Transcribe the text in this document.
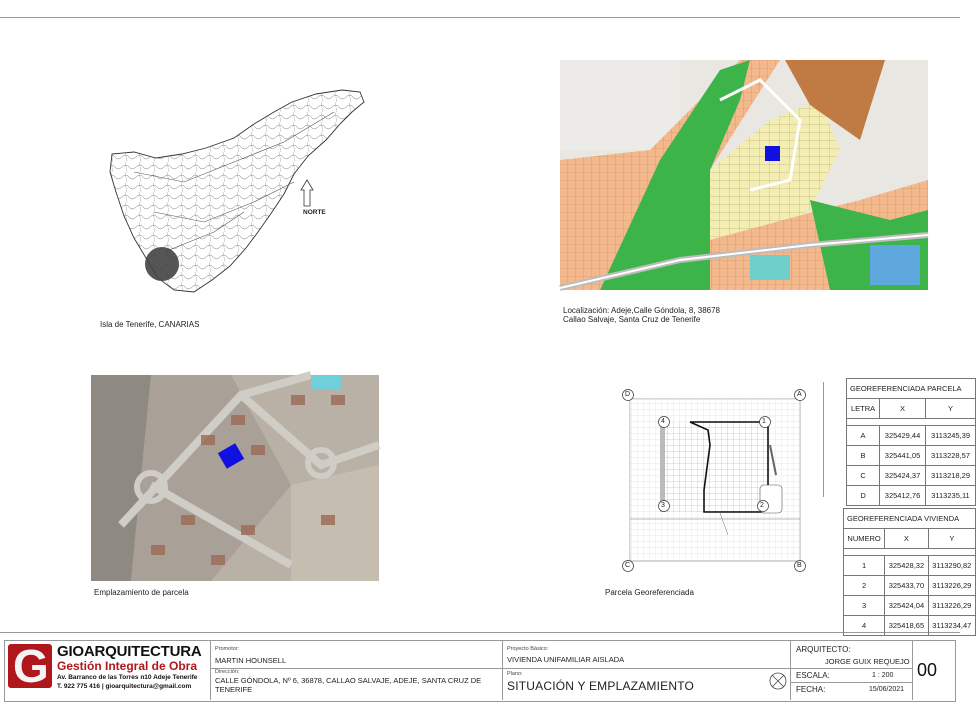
NORTE
Isla de Tenerife, CANARIAS
Localización: Adeje,Calle Góndola, 8, 38678
Callao Salvaje, Santa Cruz de Tenerife
Emplazamiento de parcela
D	A
C	B
4	1
3	2
Parcela Georeferenciada
GEOREFERENCIADA PARCELA		
LETRA	X	Y

A	325429,44	3113245,39
B	325441,05	3113228,57
C	325424,37	3113218,29
D	325412,76	3113235,11
GEOREFERENCIADA VIVIENDA		
NUMERO	X	Y

1	325428,32	3113290,82
2	325433,70	3113226,29
3	325424,04	3113226,29
4	325418,65	3113234,47
G GIOARQUITECTURA
Gestión Integral de Obra
Av. Barranco de las Torres n10 Adeje Tenerife
T. 922 775 416 | gioarquitectura@gmail.com
Promotor:
MARTIN HOUNSELL
Dirección:
CALLE GÓNDOLA, Nº 6, 36878, CALLAO SALVAJE, ADEJE, SANTA CRUZ DE
TENERIFE
Proyecto Básico:
VIVIENDA UNIFAMILIAR AISLADA
Plano:
SITUACIÓN Y EMPLAZAMIENTO
ARQUITECTO:
JORGE GUIX REQUEJO
ESCALA:	1 : 200
FECHA:	15/06/2021
00
